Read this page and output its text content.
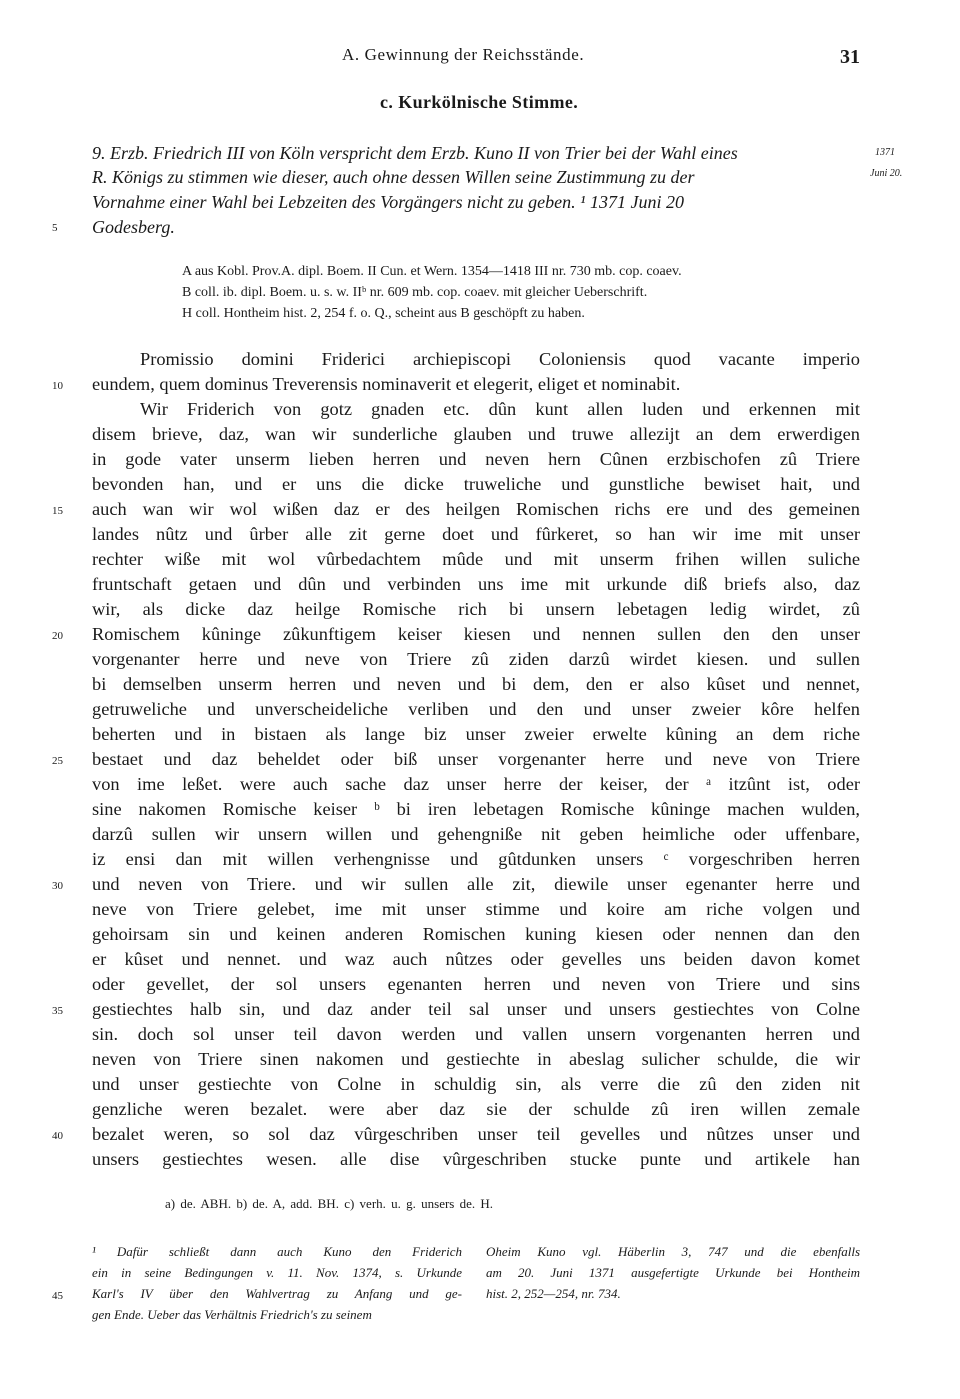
A. Gewinnung der Reichsstände.	31
c. Kurkölnische Stimme.
9. Erzb. Friedrich III von Köln verspricht dem Erzb. Kuno II von Trier bei der Wahl eines
R. Königs zu stimmen wie dieser, auch ohne dessen Willen seine Zustimmung zu der
Vornahme einer Wahl bei Lebzeiten des Vorgängers nicht zu geben. ¹ 1371 Juni 20
Godesberg.
1371
Juni 20.
A aus Kobl. Prov.A. dipl. Boem. II Cun. et Wern. 1354—1418 III nr. 730 mb. cop. coaev.
B coll. ib. dipl. Boem. u. s. w. IIᵇ nr. 609 mb. cop. coaev. mit gleicher Ueberschrift.
H coll. Hontheim hist. 2, 254 f. o. Q., scheint aus B geschöpft zu haben.
5
10
15
20
25
30
35
40
45
Promissio domini Friderici archiepiscopi Coloniensis quod vacante imperio
eundem, quem dominus Treverensis nominaverit et elegerit, eliget et nominabit.
Wir Friderich von gotz gnaden etc. dûn kunt allen luden und erkennen mit
disem brieve, daz, wan wir sunderliche glauben und truwe allezijt an dem erwerdigen
in gode vater unserm lieben herren und neven hern Cûnen erzbischofen zû Triere
bevonden han, und er uns die dicke truweliche und gunstliche bewiset hait, und
auch wan wir wol wißen daz er des heilgen Romischen richs ere und des gemeinen
landes nûtz und ûrber alle zit gerne doet und fûrkeret, so han wir ime mit unser
rechter wiße mit wol vûrbedachtem mûde und mit unserm frihen willen suliche
fruntschaft getaen und dûn und verbinden uns ime mit urkunde diß briefs also, daz
wir, als dicke daz heilge Romische rich bi unsern lebetagen ledig wirdet, zû
Romischem kûninge zûkunftigem keiser kiesen und nennen sullen den den unser
vorgenanter herre und neve von Triere zû ziden darzû wirdet kiesen. und sullen
bi demselben unserm herren und neven und bi dem, den er also kûset und nennet,
getruweliche und unverscheideliche verliben und den und unser zweier kôre helfen
beherten und in bistaen als lange biz unser zweier erwelte kûning an dem riche
bestaet und daz beheldet oder biß unser vorgenanter herre und neve von Triere
von ime leßet. were auch sache daz unser herre der keiser, der ᵃ itzûnt ist, oder
sine nakomen Romische keiser ᵇ bi iren lebetagen Romische kûninge machen wulden,
darzû sullen wir unsern willen und gehengniße nit geben heimliche oder uffenbare,
iz ensi dan mit willen verhengnisse und gûtdunken unsers ᶜ vorgeschriben herren
und neven von Triere. und wir sullen alle zit, diewile unser egenanter herre und
neve von Triere gelebet, ime mit unser stimme und koire am riche volgen und
gehoirsam sin und keinen anderen Romischen kuning kiesen oder nennen dan den
er kûset und nennet. und waz auch nûtzes oder gevelles uns beiden davon komet
oder gevellet, der sol unsers egenanten herren und neven von Triere und sins
gestiechtes halb sin, und daz ander teil sal unser und unsers gestiechtes von Colne
sin. doch sol unser teil davon werden und vallen unsern vorgenanten herren und
neven von Triere sinen nakomen und gestiechte in abeslag sulicher schulde, die wir
und unser gestiechte von Colne in schuldig sin, als verre die zû den ziden nit
genzliche weren bezalet. were aber daz sie der schulde zû iren willen zemale
bezalet weren, so sol daz vûrgeschriben unser teil gevelles und nûtzes unser und
unsers gestiechtes wesen. alle dise vûrgeschriben stucke punte und artikele han
a) de. ABH. b) de. A, add. BH. c) verh. u. g. unsers de. H.
¹ Dafür schließt dann auch Kuno den Friderich
ein in seine Bedingungen v. 11. Nov. 1374, s. Urkunde
Karl's IV über den Wahlvertrag zu Anfang und ge-
gen Ende. Ueber das Verhältnis Friedrich's zu seinem
Oheim Kuno vgl. Häberlin 3, 747 und die ebenfalls
am 20. Juni 1371 ausgefertigte Urkunde bei Hontheim
hist. 2, 252—254, nr. 734.
